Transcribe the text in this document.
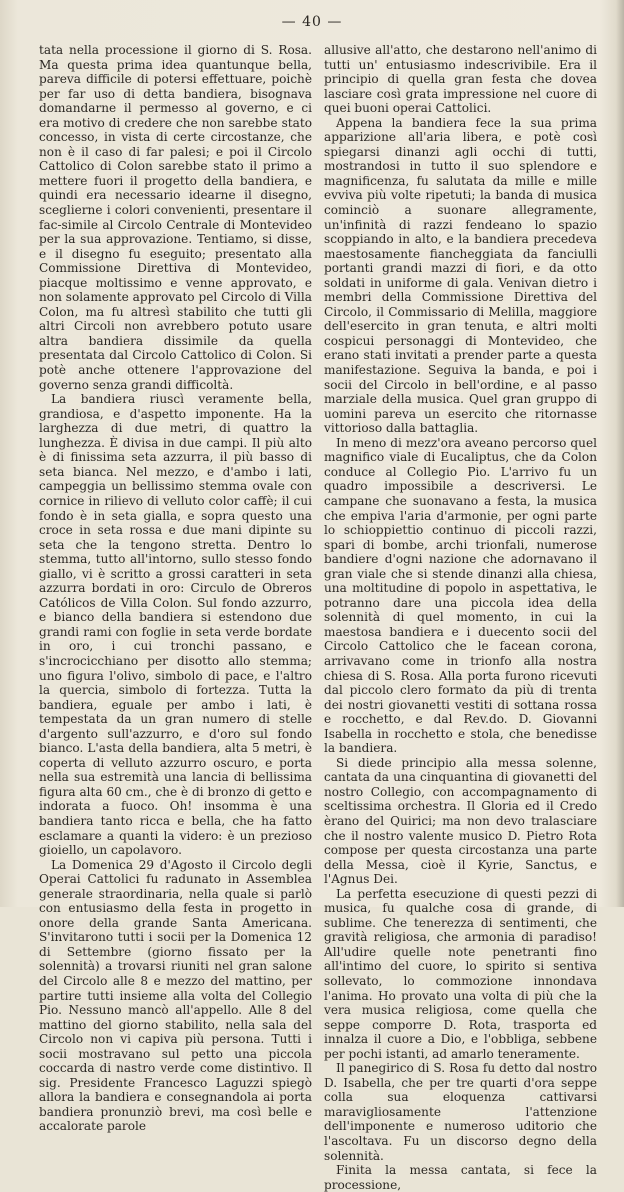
— 40 —

tata nella processione il giorno di S. Rosa. Ma questa prima idea quantunque bella, pareva difficile di potersi effettuare, poichè per far uso di detta bandiera, bisognava domandarne il permesso al governo, e ci era motivo di credere che non sarebbe stato concesso, in vista di certe circostanze, che non è il caso di far palesi; e poi il Circolo Cattolico di Colon sarebbe stato il primo a mettere fuori il progetto della bandiera, e quindi era necessario idearne il disegno, sceglierne i colori convenienti, presentare il fac-simile al Circolo Centrale di Montevideo per la sua approvazione. Tentiamo, si disse, e il disegno fu eseguito; presentato alla Commissione Direttiva di Montevideo, piacque moltissimo e venne approvato, e non solamente approvato pel Circolo di Villa Colon, ma fu altresì stabilito che tutti gli altri Circoli non avrebbero potuto usare altra bandiera dissimile da quella presentata dal Circolo Cattolico di Colon. Si potè anche ottenere l'approvazione del governo senza grandi difficoltà.

La bandiera riuscì veramente bella, grandiosa, e d'aspetto imponente. Ha la larghezza di due metri, di quattro la lunghezza. È divisa in due campi. Il più alto è di finissima seta azzurra, il più basso di seta bianca. Nel mezzo, e d'ambo i lati, campeggia un bellissimo stemma ovale con cornice in rilievo di velluto color caffè; il cui fondo è in seta gialla, e sopra questo una croce in seta rossa e due mani dipinte su seta che la tengono stretta. Dentro lo stemma, tutto all'intorno, sullo stesso fondo giallo, vi è scritto a grossi caratteri in seta azzurra bordati in oro: Circulo de Obreros Católicos de Villa Colon. Sul fondo azzurro, e bianco della bandiera si estendono due grandi rami con foglie in seta verde bordate in oro, i cui tronchi passano, e s'incrocicchiano per disotto allo stemma; uno figura l'olivo, simbolo di pace, e l'altro la quercia, simbolo di fortezza. Tutta la bandiera, eguale per ambo i lati, è tempestata da un gran numero di stelle d'argento sull'azzurro, e d'oro sul fondo bianco. L'asta della bandiera, alta 5 metri, è coperta di velluto azzurro oscuro, e porta nella sua estremità una lancia di bellissima figura alta 60 cm., che è di bronzo di getto e indorata a fuoco. Oh! insomma è una bandiera tanto ricca e bella, che ha fatto esclamare a quanti la videro: è un prezioso gioiello, un capolavoro.

La Domenica 29 d'Agosto il Circolo degli Operai Cattolici fu radunato in Assemblea generale straordinaria, nella quale si parlò con entusiasmo della festa in progetto in onore della grande Santa Americana. S'invitarono tutti i socii per la Domenica 12 di Settembre (giorno fissato per la solennità) a trovarsi riuniti nel gran salone del Circolo alle 8 e mezzo del mattino, per partire tutti insieme alla volta del Collegio Pio. Nessuno mancò all'appello. Alle 8 del mattino del giorno stabilito, nella sala del Circolo non vi capiva più persona. Tutti i socii mostravano sul petto una piccola coccarda di nastro verde come distintivo. Il sig. Presidente Francesco Laguzzi spiegò allora la bandiera e consegnandola ai porta bandiera pronunziò brevi, ma così belle e accalorate parole

allusive all'atto, che destarono nell'animo di tutti un' entusiasmo indescrivibile. Era il principio di quella gran festa che dovea lasciare così grata impressione nel cuore di quei buoni operai Cattolici.

Appena la bandiera fece la sua prima apparizione all'aria libera, e potè così spiegarsi dinanzi agli occhi di tutti, mostrandosi in tutto il suo splendore e magnificenza, fu salutata da mille e mille evviva più volte ripetuti; la banda di musica cominciò a suonare allegramente, un'infinità di razzi fendeano lo spazio scoppiando in alto, e la bandiera precedeva maestosamente fiancheggiata da fanciulli portanti grandi mazzi di fiori, e da otto soldati in uniforme di gala. Venivan dietro i membri della Commissione Direttiva del Circolo, il Commissario di Melilla, maggiore dell'esercito in gran tenuta, e altri molti cospicui personaggi di Montevideo, che erano stati invitati a prender parte a questa manifestazione. Seguiva la banda, e poi i socii del Circolo in bell'ordine, e al passo marziale della musica. Quel gran gruppo di uomini pareva un esercito che ritornasse vittorioso dalla battaglia.

In meno di mezz'ora aveano percorso quel magnifico viale di Eucaliptus, che da Colon conduce al Collegio Pio. L'arrivo fu un quadro impossibile a descriversi. Le campane che suonavano a festa, la musica che empiva l'aria d'armonie, per ogni parte lo schioppiettio continuo di piccoli razzi, spari di bombe, archi trionfali, numerose bandiere d'ogni nazione che adornavano il gran viale che si stende dinanzi alla chiesa, una moltitudine di popolo in aspettativa, le potranno dare una piccola idea della solennità di quel momento, in cui la maestosa bandiera e i duecento socii del Circolo Cattolico che le facean corona, arrivavano come in trionfo alla nostra chiesa di S. Rosa. Alla porta furono ricevuti dal piccolo clero formato da più di trenta dei nostri giovanetti vestiti di sottana rossa e rocchetto, e dal Rev.do. D. Giovanni Isabella in rocchetto e stola, che benedisse la bandiera.

Si diede principio alla messa solenne, cantata da una cinquantina di giovanetti del nostro Collegio, con accompagnamento di sceltissima orchestra. Il Gloria ed il Credo èrano del Quirici; ma non devo tralasciare che il nostro valente musico D. Pietro Rota compose per questa circostanza una parte della Messa, cioè il Kyrie, Sanctus, e l'Agnus Dei.

La perfetta esecuzione di questi pezzi di musica, fu qualche cosa di grande, di sublime. Che tenerezza di sentimenti, che gravità religiosa, che armonia di paradiso! All'udire quelle note penetranti fino all'intimo del cuore, lo spirito si sentiva sollevato, lo commozione innondava l'anima. Ho provato una volta di più che la vera musica religiosa, come quella che seppe comporre D. Rota, trasporta ed innalza il cuore a Dio, e l'obbliga, sebbene per pochi istanti, ad amarlo teneramente.

Il panegirico di S. Rosa fu detto dal nostro D. Isabella, che per tre quarti d'ora seppe colla sua eloquenza cattivarsi maravigliosamente l'attenzione dell'imponente e numeroso uditorio che l'ascoltava. Fu un discorso degno della solennità.

Finita la messa cantata, si fece la processione,
